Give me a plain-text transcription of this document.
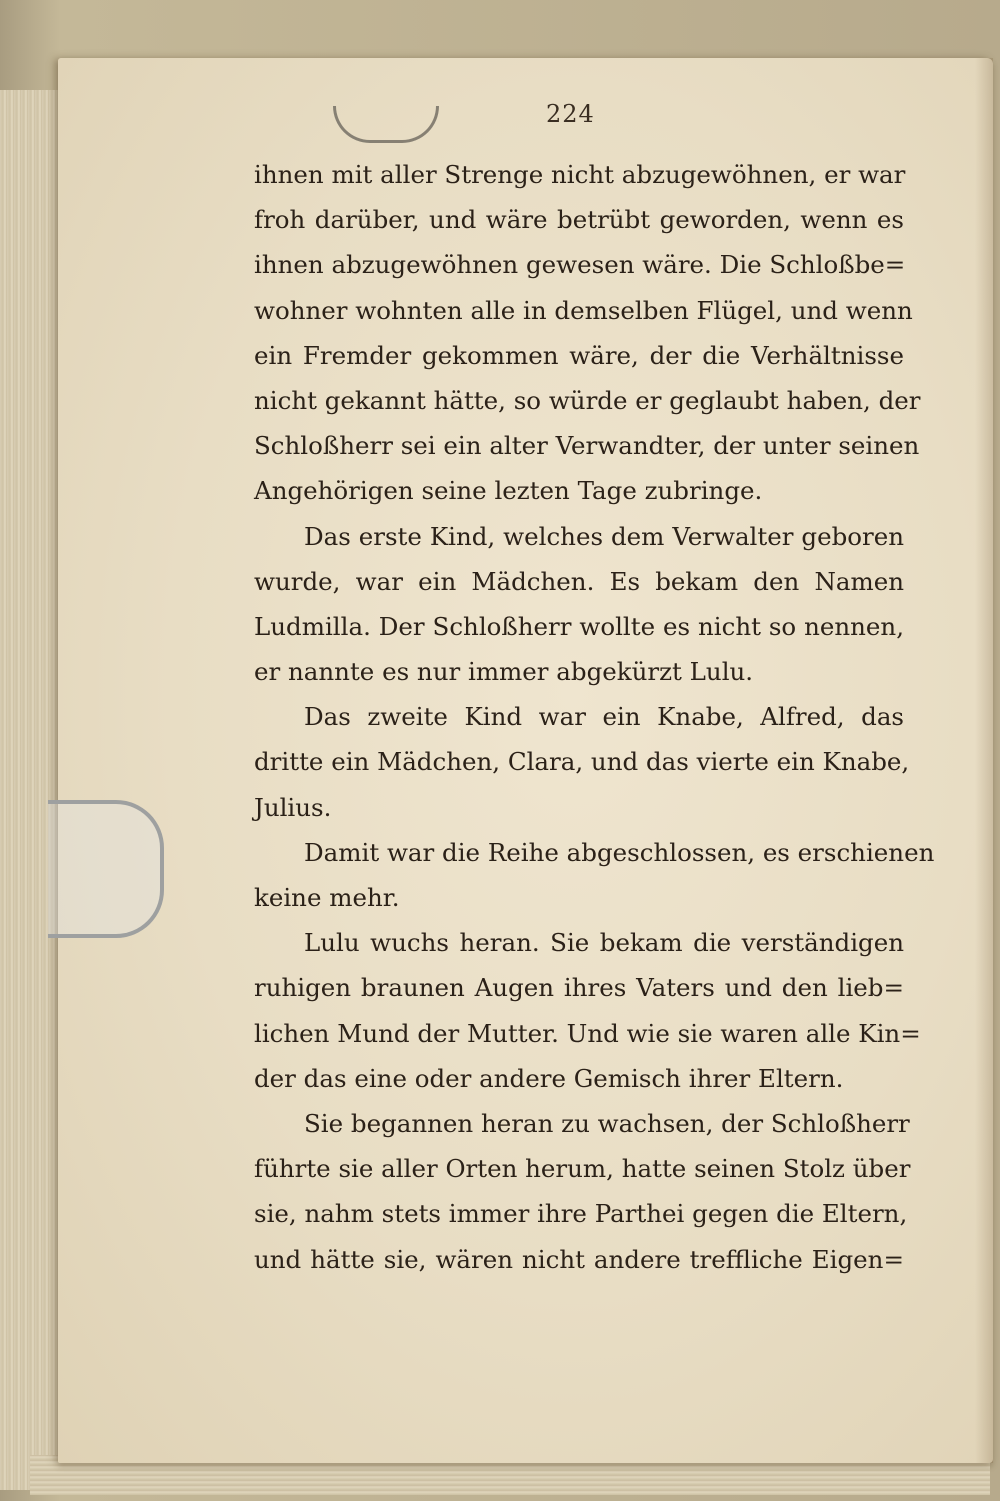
224
ihnen mit aller Strenge nicht abzugewöhnen, er war
froh darüber, und wäre betrübt geworden, wenn es
ihnen abzugewöhnen gewesen wäre. Die Schloßbe=
wohner wohnten alle in demselben Flügel, und wenn
ein Fremder gekommen wäre, der die Verhältnisse
nicht gekannt hätte, so würde er geglaubt haben, der
Schloßherr sei ein alter Verwandter, der unter seinen
Angehörigen seine lezten Tage zubringe.
Das erste Kind, welches dem Verwalter geboren
wurde, war ein Mädchen. Es bekam den Namen
Ludmilla. Der Schloßherr wollte es nicht so nennen,
er nannte es nur immer abgekürzt Lulu.
Das zweite Kind war ein Knabe, Alfred, das
dritte ein Mädchen, Clara, und das vierte ein Knabe,
Julius.
Damit war die Reihe abgeschlossen, es erschienen
keine mehr.
Lulu wuchs heran. Sie bekam die verständigen
ruhigen braunen Augen ihres Vaters und den lieb=
lichen Mund der Mutter. Und wie sie waren alle Kin=
der das eine oder andere Gemisch ihrer Eltern.
Sie begannen heran zu wachsen, der Schloßherr
führte sie aller Orten herum, hatte seinen Stolz über
sie, nahm stets immer ihre Parthei gegen die Eltern,
und hätte sie, wären nicht andere treffliche Eigen=
